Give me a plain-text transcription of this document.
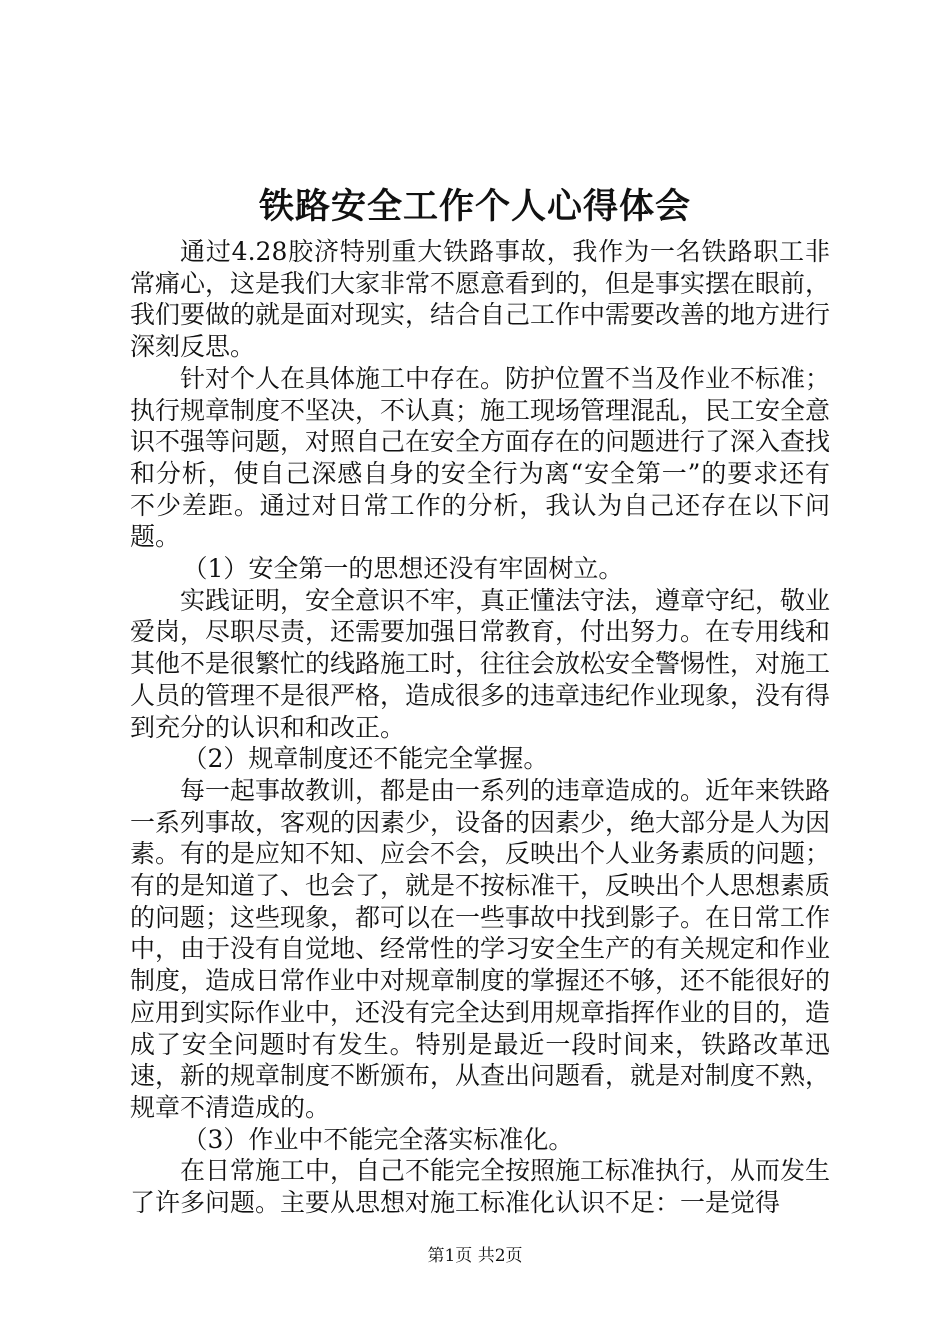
铁路安全工作个人心得体会

通过4.28胶济特别重大铁路事故，我作为一名铁路职工非常痛心，这是我们大家非常不愿意看到的，但是事实摆在眼前，我们要做的就是面对现实，结合自己工作中需要改善的地方进行深刻反思。

针对个人在具体施工中存在。防护位置不当及作业不标准；执行规章制度不坚决，不认真；施工现场管理混乱，民工安全意识不强等问题，对照自己在安全方面存在的问题进行了深入查找和分析，使自己深感自身的安全行为离“安全第一”的要求还有不少差距。通过对日常工作的分析，我认为自己还存在以下问题。

（1）安全第一的思想还没有牢固树立。

实践证明，安全意识不牢，真正懂法守法，遵章守纪，敬业爱岗，尽职尽责，还需要加强日常教育，付出努力。在专用线和其他不是很繁忙的线路施工时，往往会放松安全警惕性，对施工人员的管理不是很严格，造成很多的违章违纪作业现象，没有得到充分的认识和和改正。

（2）规章制度还不能完全掌握。

每一起事故教训，都是由一系列的违章造成的。近年来铁路一系列事故，客观的因素少，设备的因素少，绝大部分是人为因素。有的是应知不知、应会不会，反映出个人业务素质的问题；有的是知道了、也会了，就是不按标准干，反映出个人思想素质的问题；这些现象，都可以在一些事故中找到影子。在日常工作中，由于没有自觉地、经常性的学习安全生产的有关规定和作业制度，造成日常作业中对规章制度的掌握还不够，还不能很好的应用到实际作业中，还没有完全达到用规章指挥作业的目的，造成了安全问题时有发生。特别是最近一段时间来，铁路改革迅速，新的规章制度不断颁布，从查出问题看，就是对制度不熟，规章不清造成的。

（3）作业中不能完全落实标准化。

在日常施工中，自己不能完全按照施工标准执行，从而发生了许多问题。主要从思想对施工标准化认识不足：一是觉得

第1页 共2页
